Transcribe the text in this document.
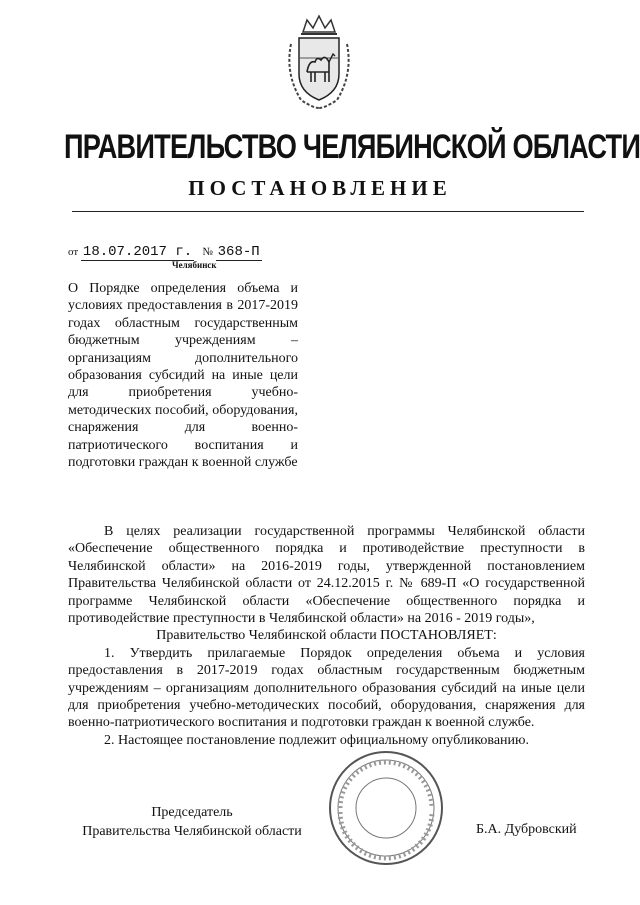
ПРАВИТЕЛЬСТВО ЧЕЛЯБИНСКОЙ ОБЛАСТИ
ПОСТАНОВЛЕНИЕ
от 18.07.2017 г. № 368-П
Челябинск
О Порядке определения объема и условиях предоставления в 2017-2019 годах областным государственным бюджетным учреждениям – организациям дополнительного образования субсидий на иные цели для приобретения учебно-методических пособий, оборудования, снаряжения для военно-патриотического воспитания и подготовки граждан к военной службе

В целях реализации государственной программы Челябинской области «Обеспечение общественного порядка и противодействие преступности в Челябинской области» на 2016-2019 годы, утвержденной постановлением Правительства Челябинской области от 24.12.2015 г. № 689-П «О государственной программе Челябинской области «Обеспечение общественного порядка и противодействие преступности в Челябинской области» на 2016 - 2019 годы»,

Правительство Челябинской области ПОСТАНОВЛЯЕТ:

1. Утвердить прилагаемые Порядок определения объема и условия предоставления в 2017-2019 годах областным государственным бюджетным учреждениям – организациям дополнительного образования субсидий на иные цели для приобретения учебно-методических пособий, оборудования, снаряжения для военно-патриотического воспитания и подготовки граждан к военной службе.

2. Настоящее постановление подлежит официальному опубликованию.

Председатель
Правительства Челябинской области	Б.А. Дубровский
